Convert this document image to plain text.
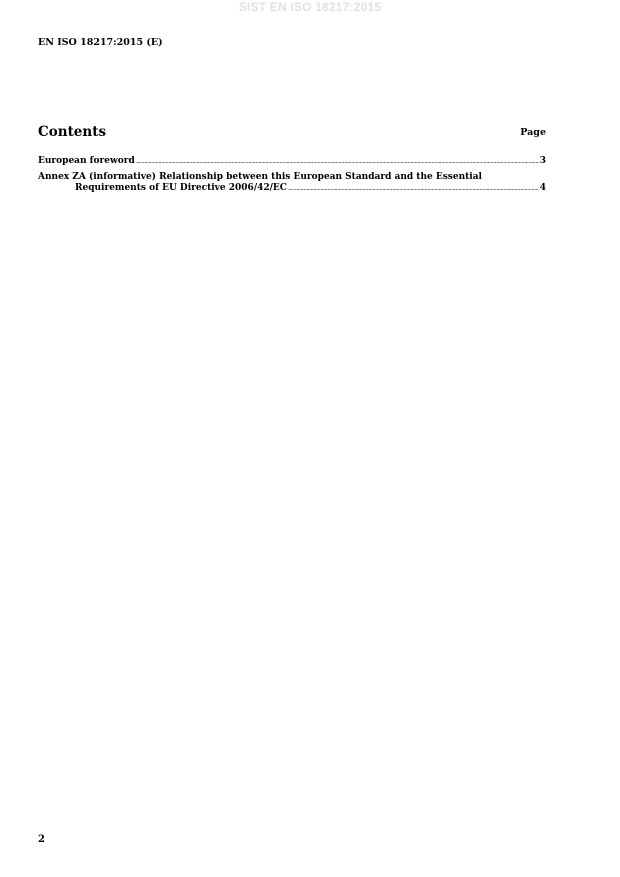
SIST EN ISO 18217:2015
EN ISO 18217:2015 (E)
Contents	Page
European foreword .....	3
Annex ZA (informative) Relationship between this European Standard and the Essential
Requirements of EU Directive 2006/42/EC .....	4
2
